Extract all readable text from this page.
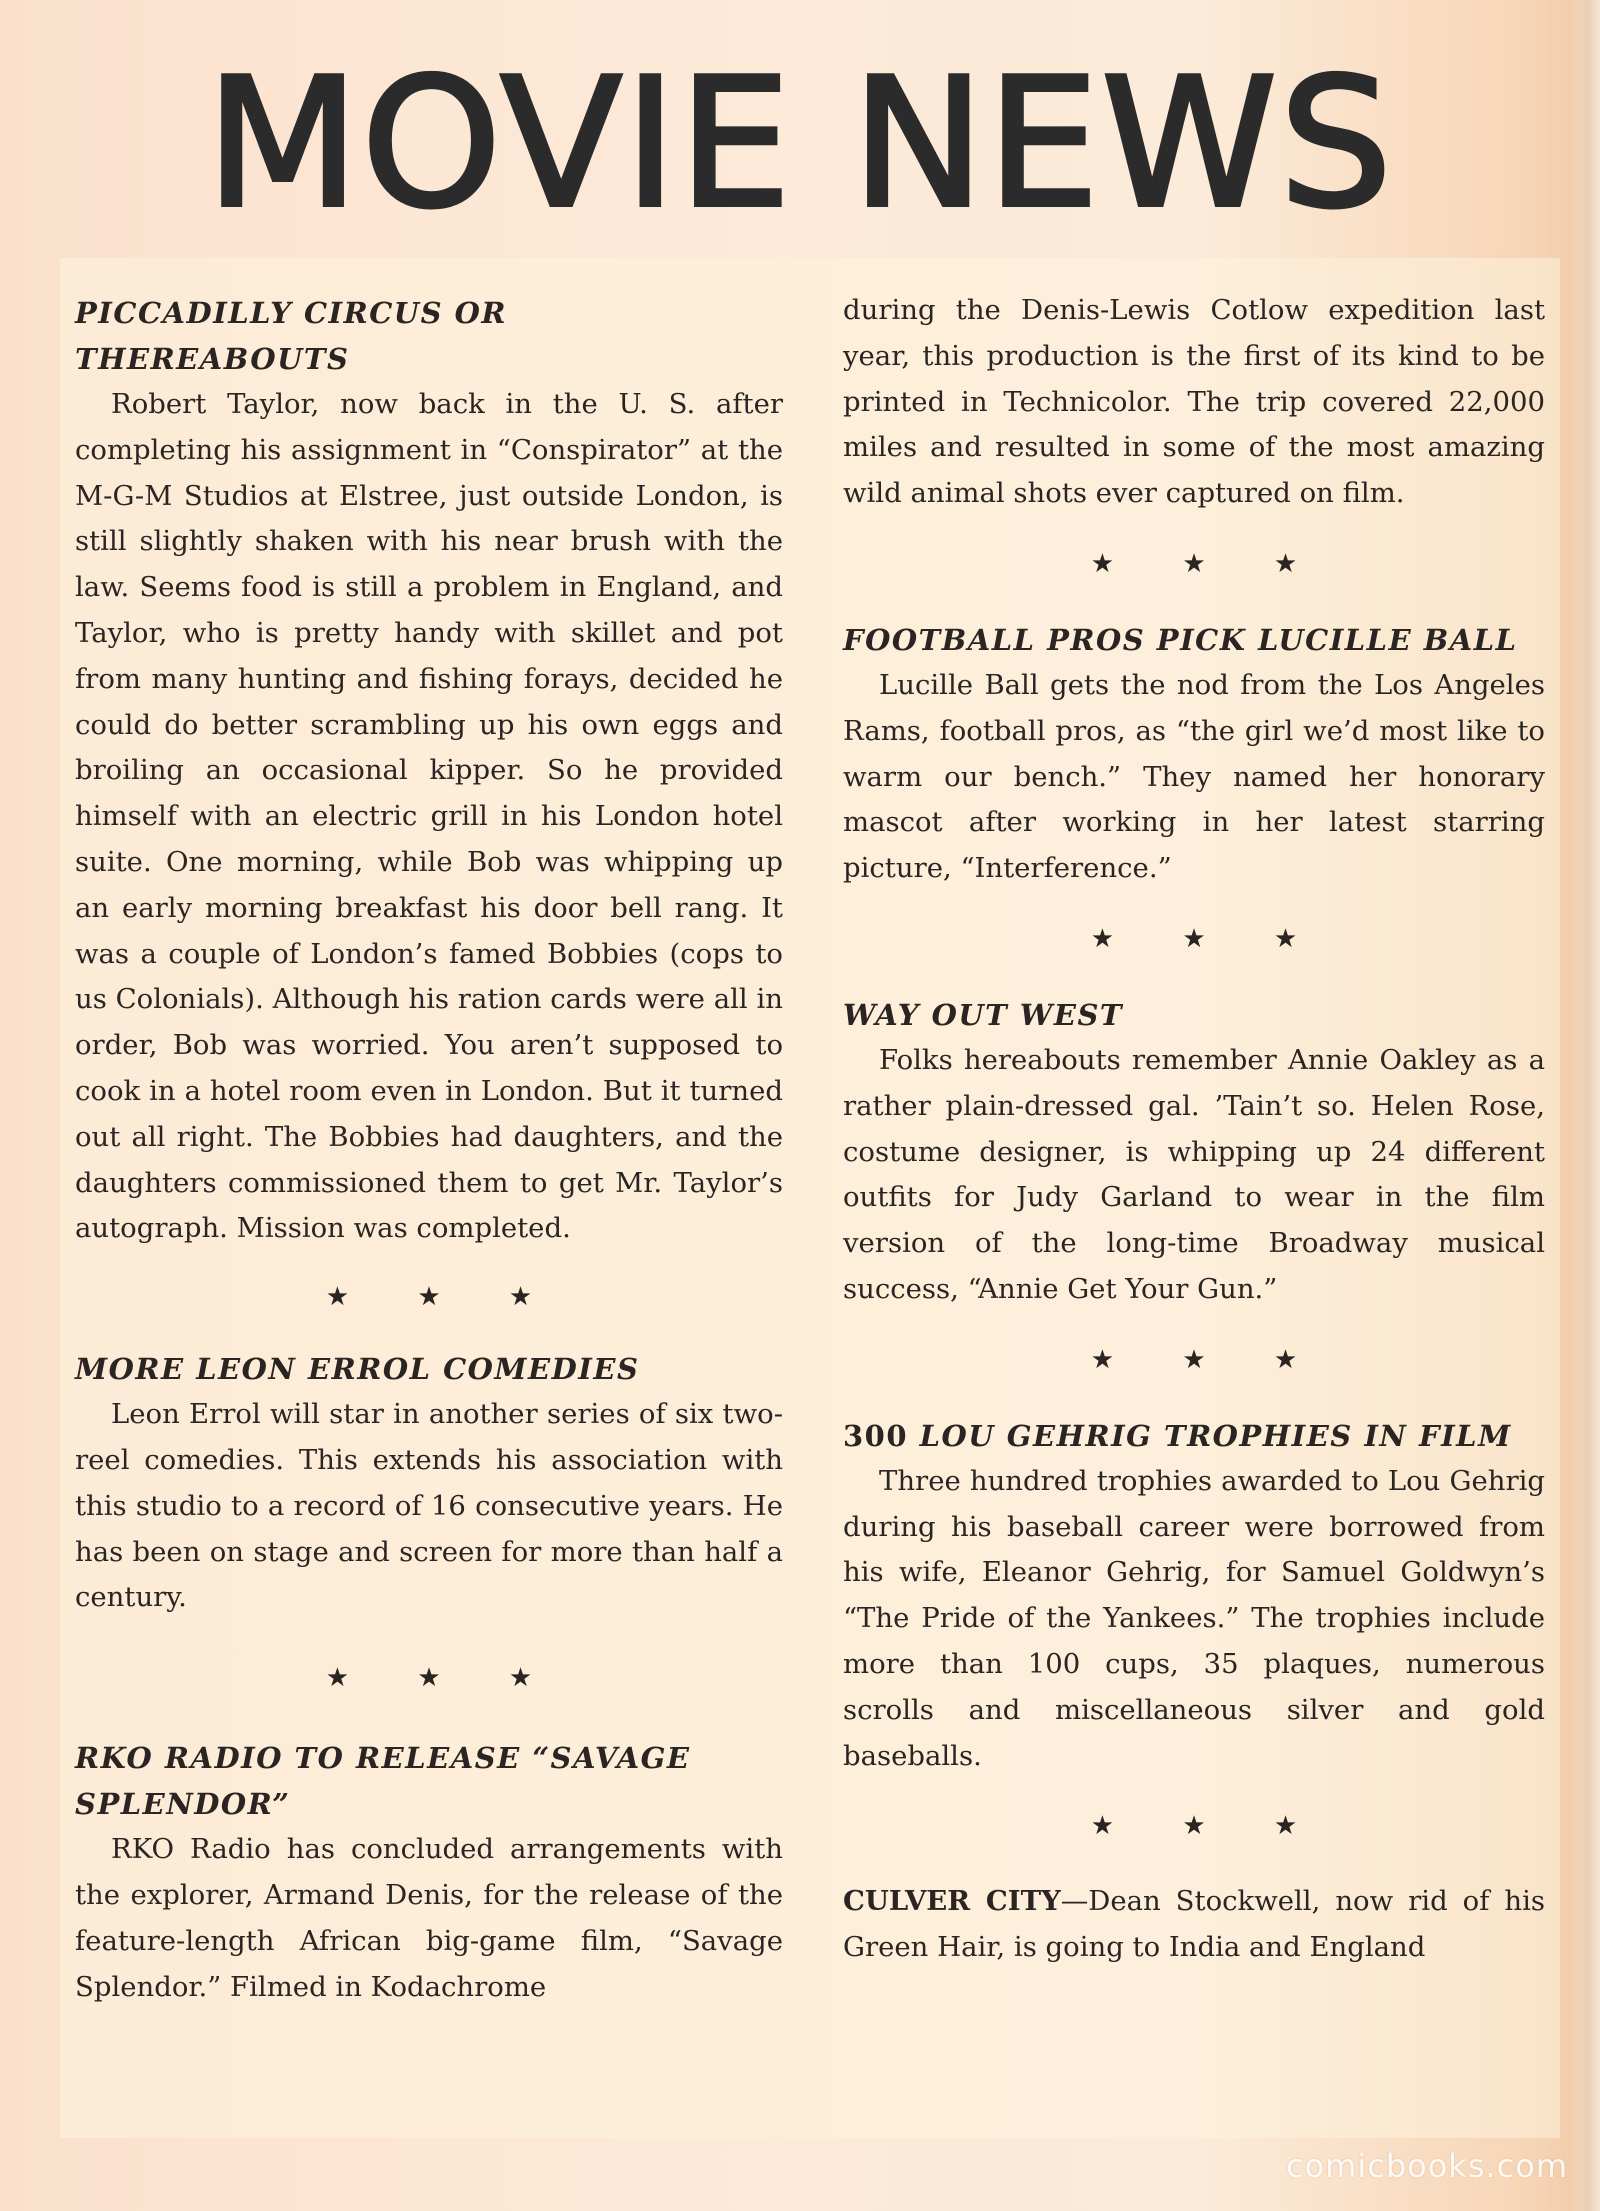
MOVIE NEWS
PICCADILLY CIRCUS OR THEREABOUTS

Robert Taylor, now back in the U. S. after completing his assignment in “Conspirator” at the M-G-M Studios at Elstree, just outside London, is still slightly shaken with his near brush with the law. Seems food is still a problem in England, and Taylor, who is pretty handy with skillet and pot from many hunting and fishing forays, decided he could do better scrambling up his own eggs and broiling an occasional kipper. So he provided himself with an electric grill in his London hotel suite. One morning, while Bob was whipping up an early morning breakfast his door bell rang. It was a couple of London’s famed Bobbies (cops to us Colonials). Although his ration cards were all in order, Bob was worried. You aren’t supposed to cook in a hotel room even in London. But it turned out all right. The Bobbies had daughters, and the daughters commissioned them to get Mr. Taylor’s autograph. Mission was completed.

★ ★ ★
MORE LEON ERROL COMEDIES

Leon Errol will star in another series of six two-reel comedies. This extends his association with this studio to a record of 16 consecutive years. He has been on stage and screen for more than half a century.

★ ★ ★
RKO RADIO TO RELEASE “SAVAGE SPLENDOR”

RKO Radio has concluded arrangements with the explorer, Armand Denis, for the release of the feature-length African big-game film, “Savage Splendor.” Filmed in Kodachrome

during the Denis-Lewis Cotlow expedition last year, this production is the first of its kind to be printed in Technicolor. The trip covered 22,000 miles and resulted in some of the most amazing wild animal shots ever captured on film.

★ ★ ★
FOOTBALL PROS PICK LUCILLE BALL

Lucille Ball gets the nod from the Los Angeles Rams, football pros, as “the girl we’d most like to warm our bench.” They named her honorary mascot after working in her latest starring picture, “Interference.”

★ ★ ★
WAY OUT WEST

Folks hereabouts remember Annie Oakley as a rather plain-dressed gal. ’Tain’t so. Helen Rose, costume designer, is whipping up 24 different outfits for Judy Garland to wear in the film version of the long-time Broadway musical success, “Annie Get Your Gun.”

★ ★ ★
300 LOU GEHRIG TROPHIES IN FILM

Three hundred trophies awarded to Lou Gehrig during his baseball career were borrowed from his wife, Eleanor Gehrig, for Samuel Goldwyn’s “The Pride of the Yankees.” The trophies include more than 100 cups, 35 plaques, numerous scrolls and miscellaneous silver and gold baseballs.

★ ★ ★

CULVER CITY—Dean Stockwell, now rid of his Green Hair, is going to India and England

comicbooks.com
